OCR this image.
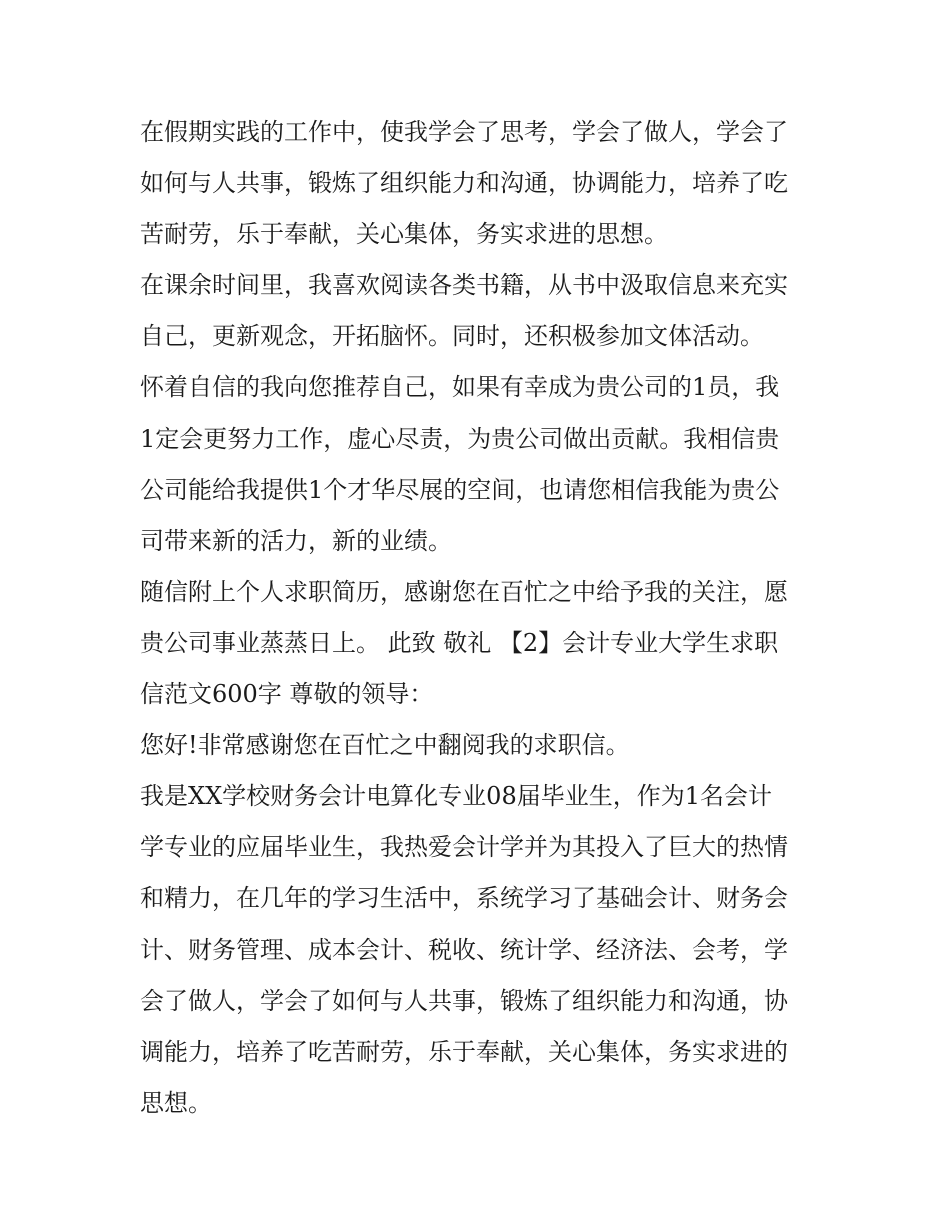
在假期实践的工作中，使我学会了思考，学会了做人，学会了

如何与人共事，锻炼了组织能力和沟通，协调能力，培养了吃

苦耐劳，乐于奉献，关心集体，务实求进的思想。

在课余时间里，我喜欢阅读各类书籍，从书中汲取信息来充实

自己，更新观念，开拓脑怀。同时，还积极参加文体活动。

怀着自信的我向您推荐自己，如果有幸成为贵公司的1员，我

1定会更努力工作，虚心尽责，为贵公司做出贡献。我相信贵

公司能给我提供1个才华尽展的空间，也请您相信我能为贵公

司带来新的活力，新的业绩。

随信附上个人求职简历，感谢您在百忙之中给予我的关注，愿

贵公司事业蒸蒸日上。 此致 敬礼 【2】会计专业大学生求职

信范文600字 尊敬的领导：

您好!非常感谢您在百忙之中翻阅我的求职信。

我是XX学校财务会计电算化专业08届毕业生，作为1名会计

学专业的应届毕业生，我热爱会计学并为其投入了巨大的热情

和精力，在几年的学习生活中，系统学习了基础会计、财务会

计、财务管理、成本会计、税收、统计学、经济法、会考，学

会了做人，学会了如何与人共事，锻炼了组织能力和沟通，协

调能力，培养了吃苦耐劳，乐于奉献，关心集体，务实求进的

思想。
